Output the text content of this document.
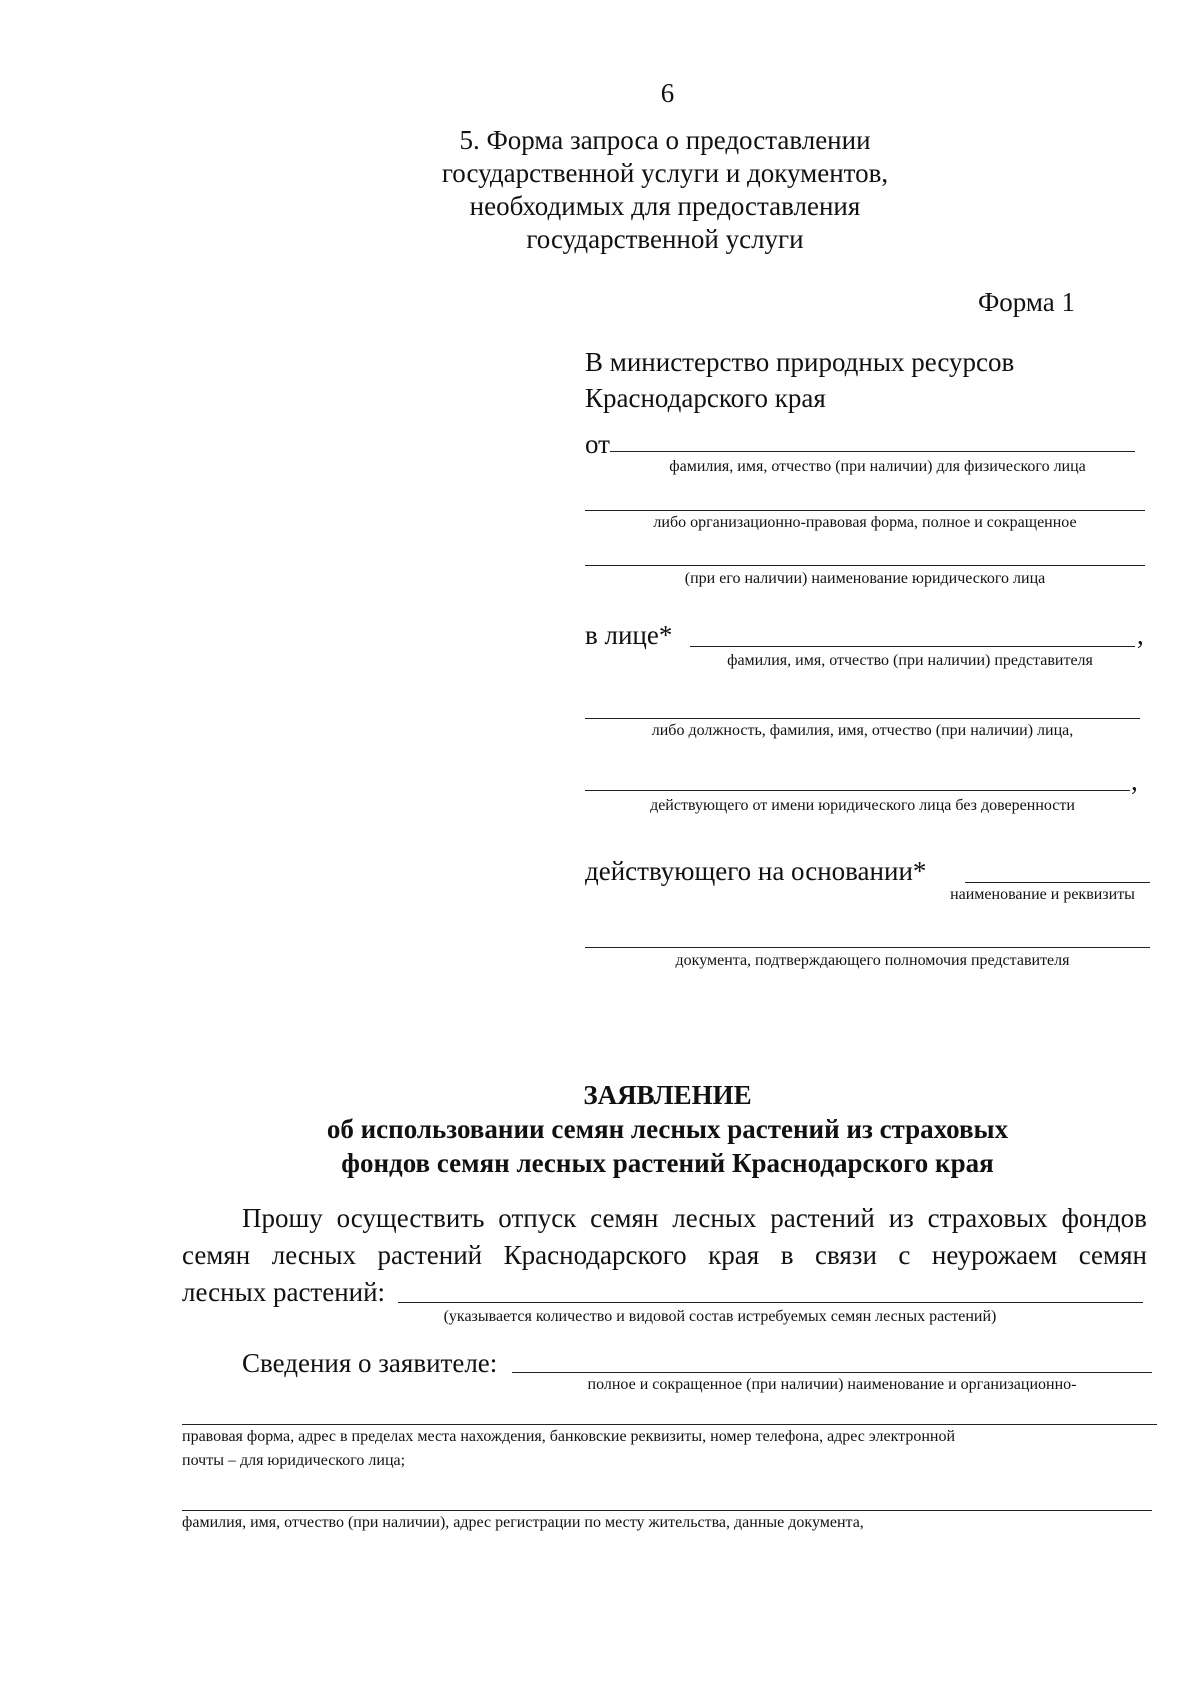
6
5. Форма запроса о предоставлении государственной услуги и документов, необходимых для предоставления государственной услуги
Форма 1
В министерство природных ресурсов
Краснодарского края
от
фамилия, имя, отчество (при наличии) для физического лица
либо организационно-правовая форма, полное и сокращенное
(при его наличии) наименование юридического лица
в лице*	,
фамилия, имя, отчество (при наличии) представителя
либо должность, фамилия, имя, отчество (при наличии) лица,
,
действующего от имени юридического лица без доверенности
действующего на основании*
наименование и реквизиты
документа, подтверждающего полномочия представителя
ЗАЯВЛЕНИЕ
об использовании семян лесных растений из страховых
фондов семян лесных растений Краснодарского края
Прошу осуществить отпуск семян лесных растений из страховых фондов
семян лесных растений Краснодарского края в связи с неурожаем семян
лесных растений:
(указывается количество и видовой состав истребуемых семян лесных растений)
Сведения о заявителе:
полное и сокращенное (при наличии) наименование и организационно-
правовая форма, адрес в пределах места нахождения, банковские реквизиты, номер телефона, адрес электронной
почты – для юридического лица;
фамилия, имя, отчество (при наличии), адрес регистрации по месту жительства, данные документа,
